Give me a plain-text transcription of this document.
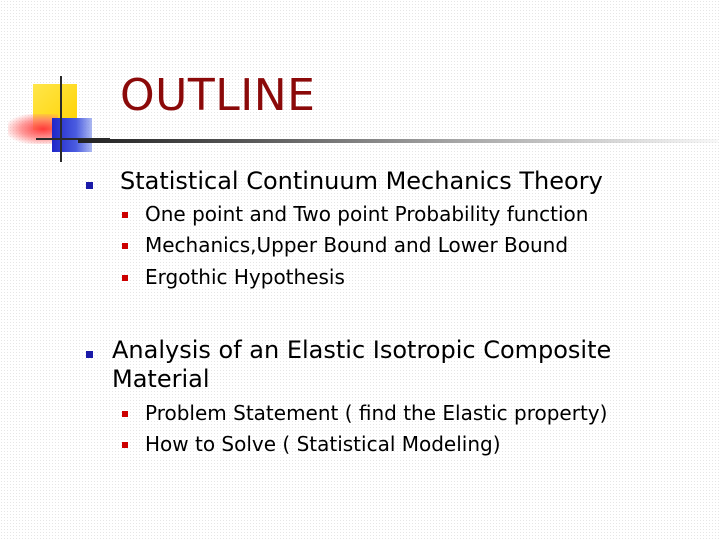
OUTLINE
Statistical Continuum Mechanics Theory
One point and Two point Probability function
Mechanics,Upper Bound and Lower Bound
Ergothic Hypothesis
Analysis of an Elastic Isotropic Composite
Material
Problem Statement ( find the Elastic property)
How to Solve ( Statistical Modeling)
